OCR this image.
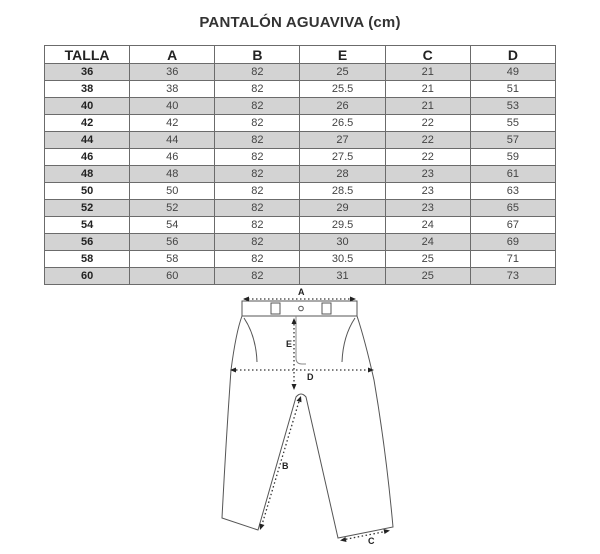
PANTALÓN AGUAVIVA (cm)
TALLA	A	B	E	C	D
36	36	82	25	21	49
38	38	82	25.5	21	51
40	40	82	26	21	53
42	42	82	26.5	22	55
44	44	82	27	22	57
46	46	82	27.5	22	59
48	48	82	28	23	61
50	50	82	28.5	23	63
52	52	82	29	23	65
54	54	82	29.5	24	67
56	56	82	30	24	69
58	58	82	30.5	25	71
60	60	82	31	25	73
A
D
E
B
C
